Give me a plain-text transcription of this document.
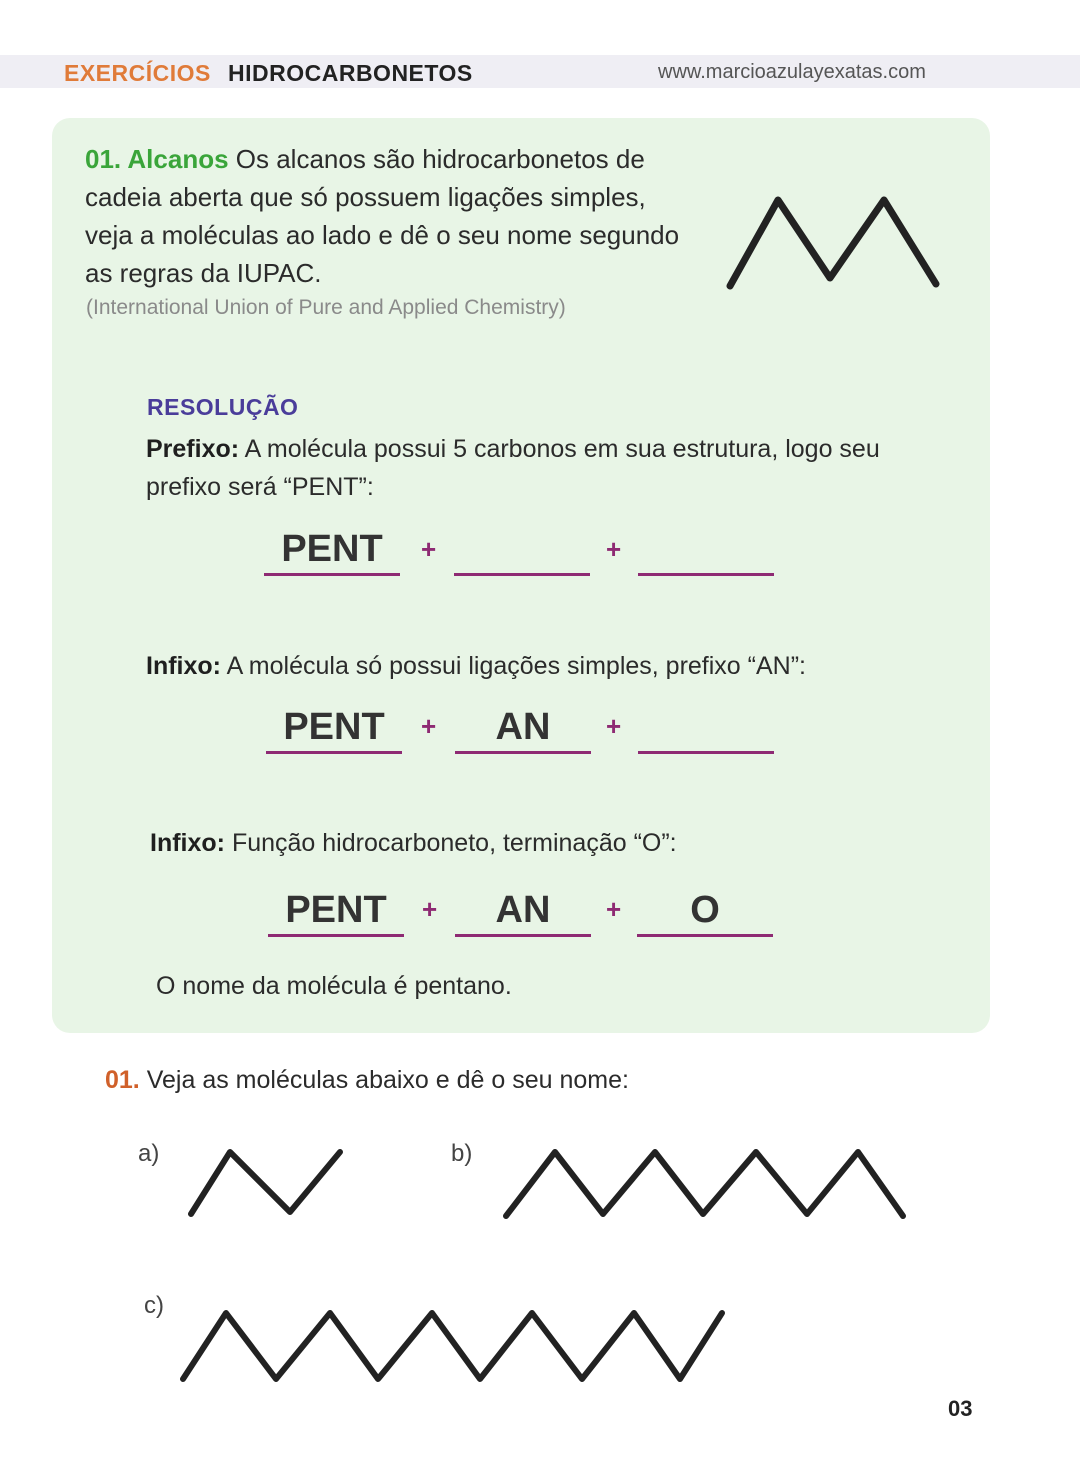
EXERCÍCIOS HIDROCARBONETOS	www.marcioazulayexatas.com
01. Alcanos Os alcanos são hidrocarbonetos de cadeia aberta que só possuem ligações simples, veja a moléculas ao lado e dê o seu nome segundo as regras da IUPAC.
(International Union of Pure and Applied Chemistry)
RESOLUÇÃO
Prefixo: A molécula possui 5 carbonos em sua estrutura, logo seu prefixo será “PENT”:
PENT	+	+
Infixo: A molécula só possui ligações simples, prefixo “AN”:
PENT	+	AN	+
Infixo: Função hidrocarboneto, terminação “O”:
PENT	+	AN	+	O
O nome da molécula é pentano.
01. Veja as moléculas abaixo e dê o seu nome:
a)	b)
c)
03
